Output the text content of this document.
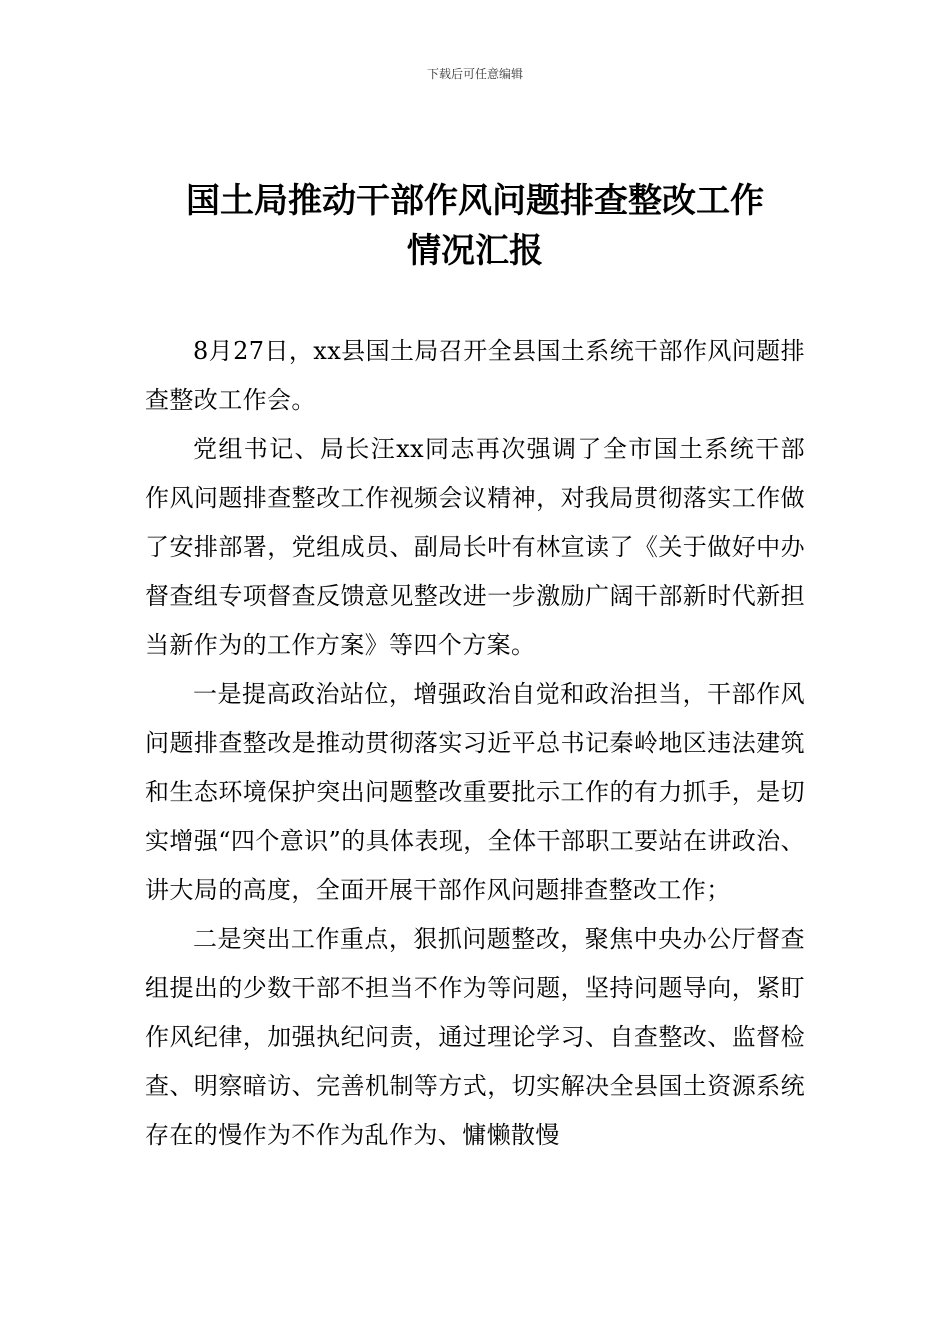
下载后可任意编辑
国土局推动干部作风问题排查整改工作
情况汇报

8月27日，xx县国土局召开全县国土系统干部作风问题排查整改工作会。

党组书记、局长汪xx同志再次强调了全市国土系统干部作风问题排查整改工作视频会议精神，对我局贯彻落实工作做了安排部署，党组成员、副局长叶有林宣读了《关于做好中办督查组专项督查反馈意见整改进一步激励广阔干部新时代新担当新作为的工作方案》等四个方案。

一是提高政治站位，增强政治自觉和政治担当，干部作风问题排查整改是推动贯彻落实习近平总书记秦岭地区违法建筑和生态环境保护突出问题整改重要批示工作的有力抓手，是切实增强“四个意识”的具体表现，全体干部职工要站在讲政治、讲大局的高度，全面开展干部作风问题排查整改工作；

二是突出工作重点，狠抓问题整改，聚焦中央办公厅督查组提出的少数干部不担当不作为等问题，坚持问题导向，紧盯作风纪律，加强执纪问责，通过理论学习、自查整改、监督检查、明察暗访、完善机制等方式，切实解决全县国土资源系统存在的慢作为不作为乱作为、慵懒散慢
